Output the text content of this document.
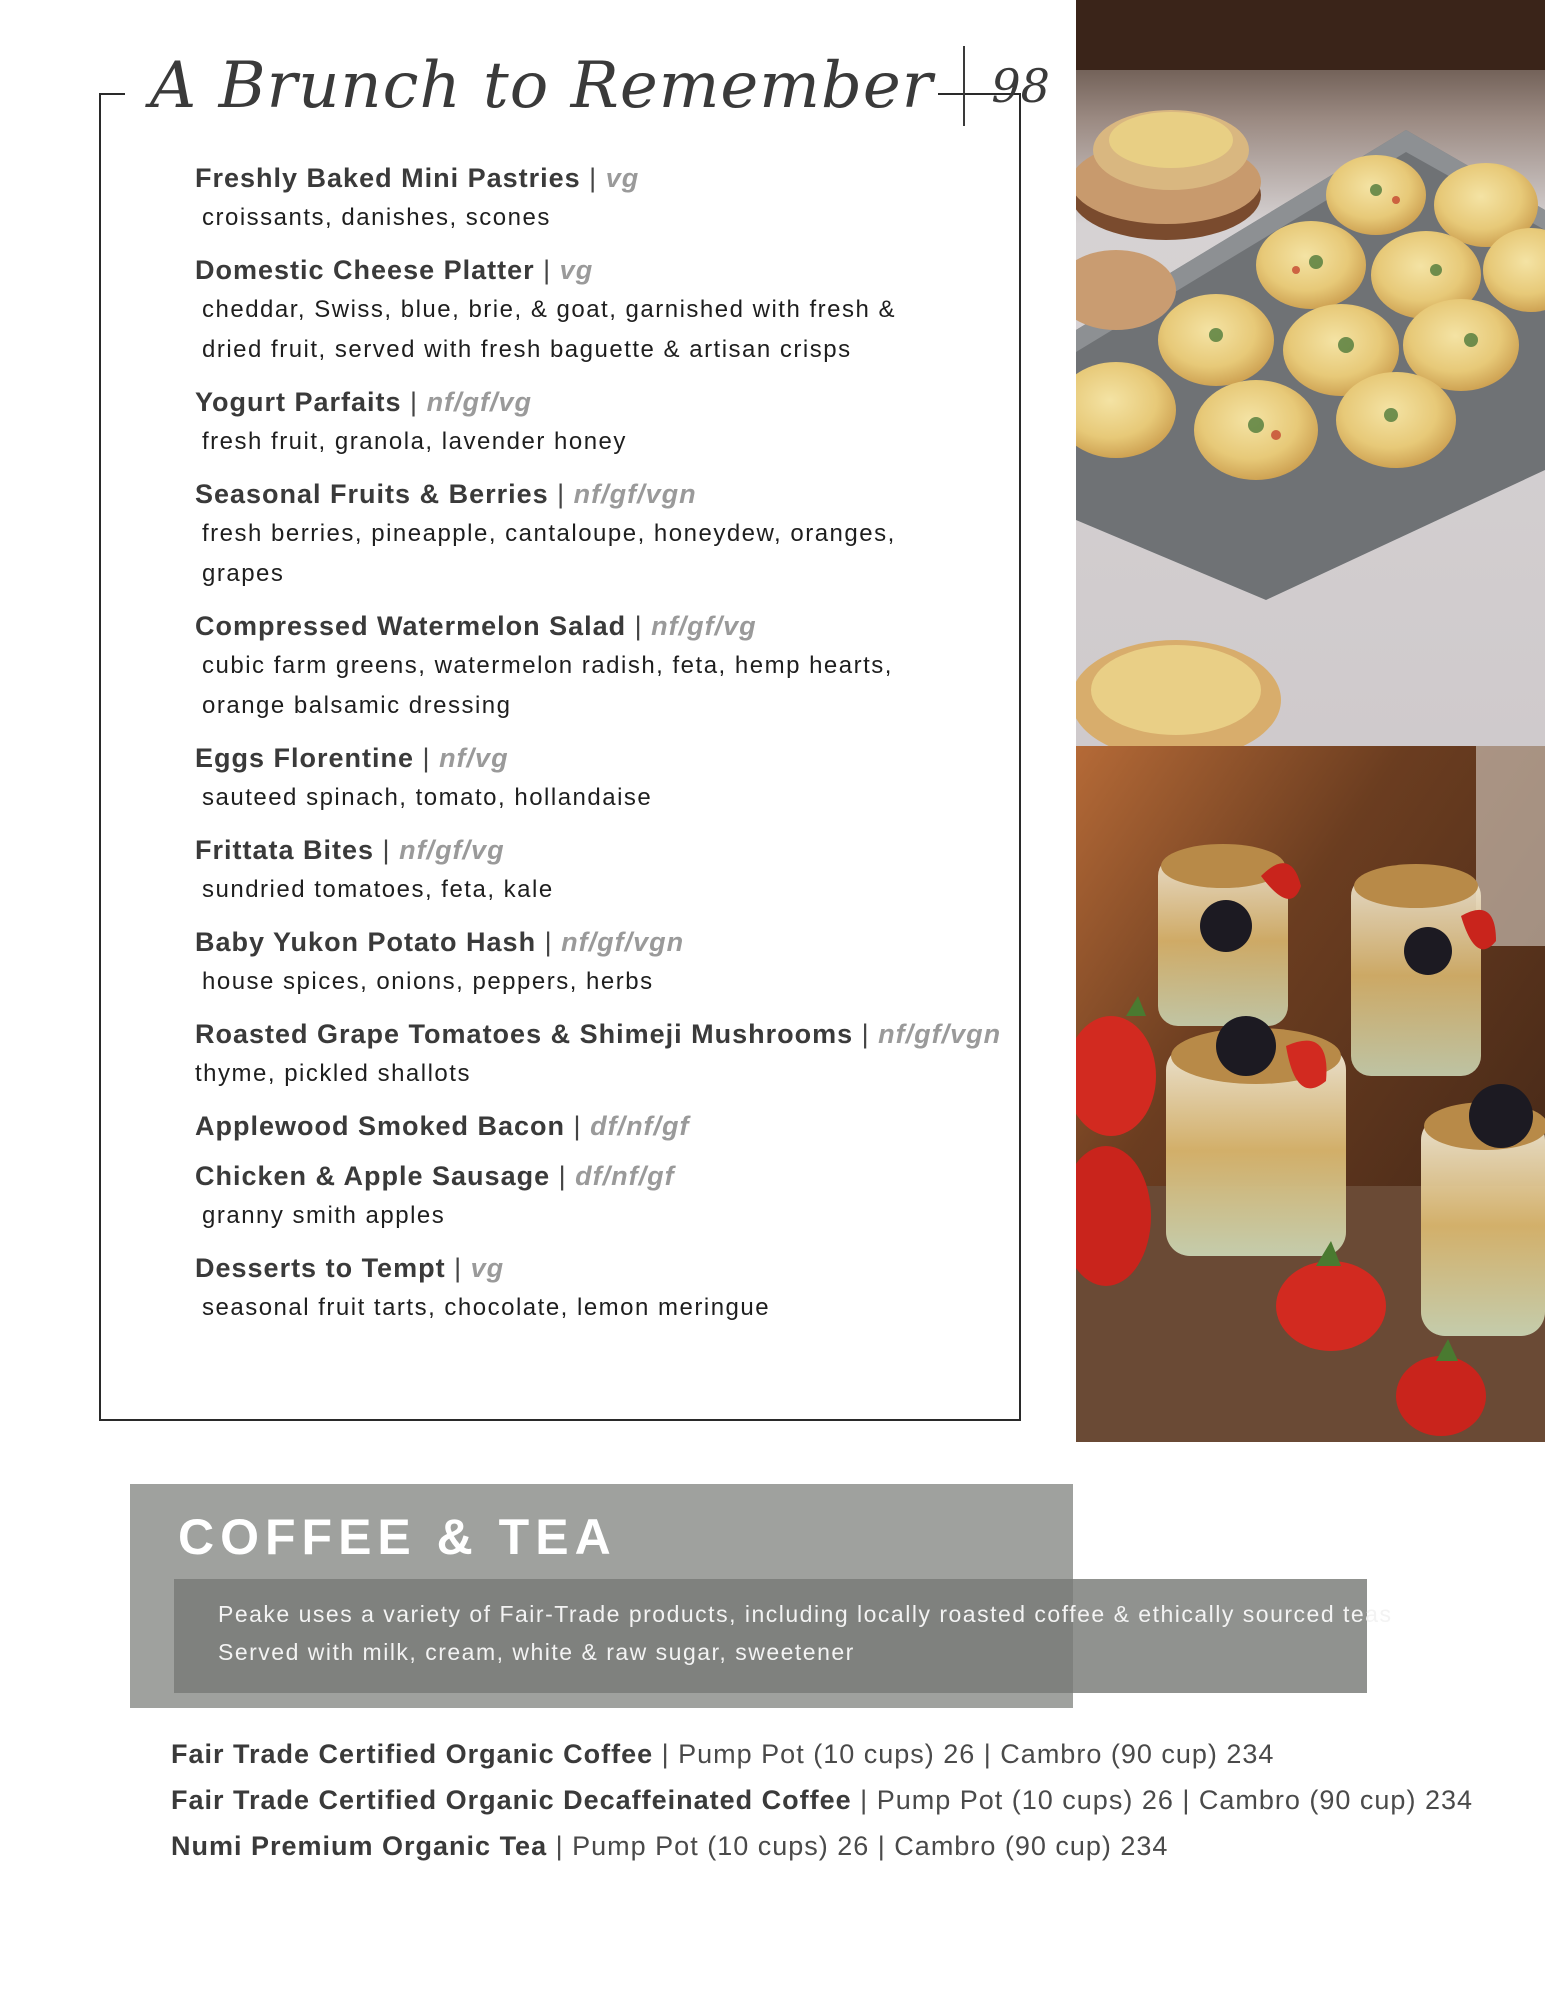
A Brunch to Remember 98
Freshly Baked Mini Pastries | vg
croissants, danishes, scones
Domestic Cheese Platter | vg
cheddar, Swiss, blue, brie, & goat, garnished with fresh &
dried fruit, served with fresh baguette & artisan crisps
Yogurt Parfaits | nf/gf/vg
fresh fruit, granola, lavender honey
Seasonal Fruits & Berries | nf/gf/vgn
fresh berries, pineapple, cantaloupe, honeydew, oranges,
grapes
Compressed Watermelon Salad | nf/gf/vg
cubic farm greens, watermelon radish, feta, hemp hearts,
orange balsamic dressing
Eggs Florentine | nf/vg
sauteed spinach, tomato, hollandaise
Frittata Bites | nf/gf/vg
sundried tomatoes, feta, kale
Baby Yukon Potato Hash | nf/gf/vgn
house spices, onions, peppers, herbs
Roasted Grape Tomatoes & Shimeji Mushrooms | nf/gf/vgn
thyme, pickled shallots
Applewood Smoked Bacon | df/nf/gf
Chicken & Apple Sausage | df/nf/gf
granny smith apples
Desserts to Tempt | vg
seasonal fruit tarts, chocolate, lemon meringue
COFFEE & TEA
Peake uses a variety of Fair-Trade products, including locally roasted coffee & ethically sourced teas
Served with milk, cream, white & raw sugar, sweetener
Fair Trade Certified Organic Coffee | Pump Pot (10 cups) 26 | Cambro (90 cup) 234
Fair Trade Certified Organic Decaffeinated Coffee | Pump Pot (10 cups) 26 | Cambro (90 cup) 234
Numi Premium Organic Tea | Pump Pot (10 cups) 26 | Cambro (90 cup) 234
